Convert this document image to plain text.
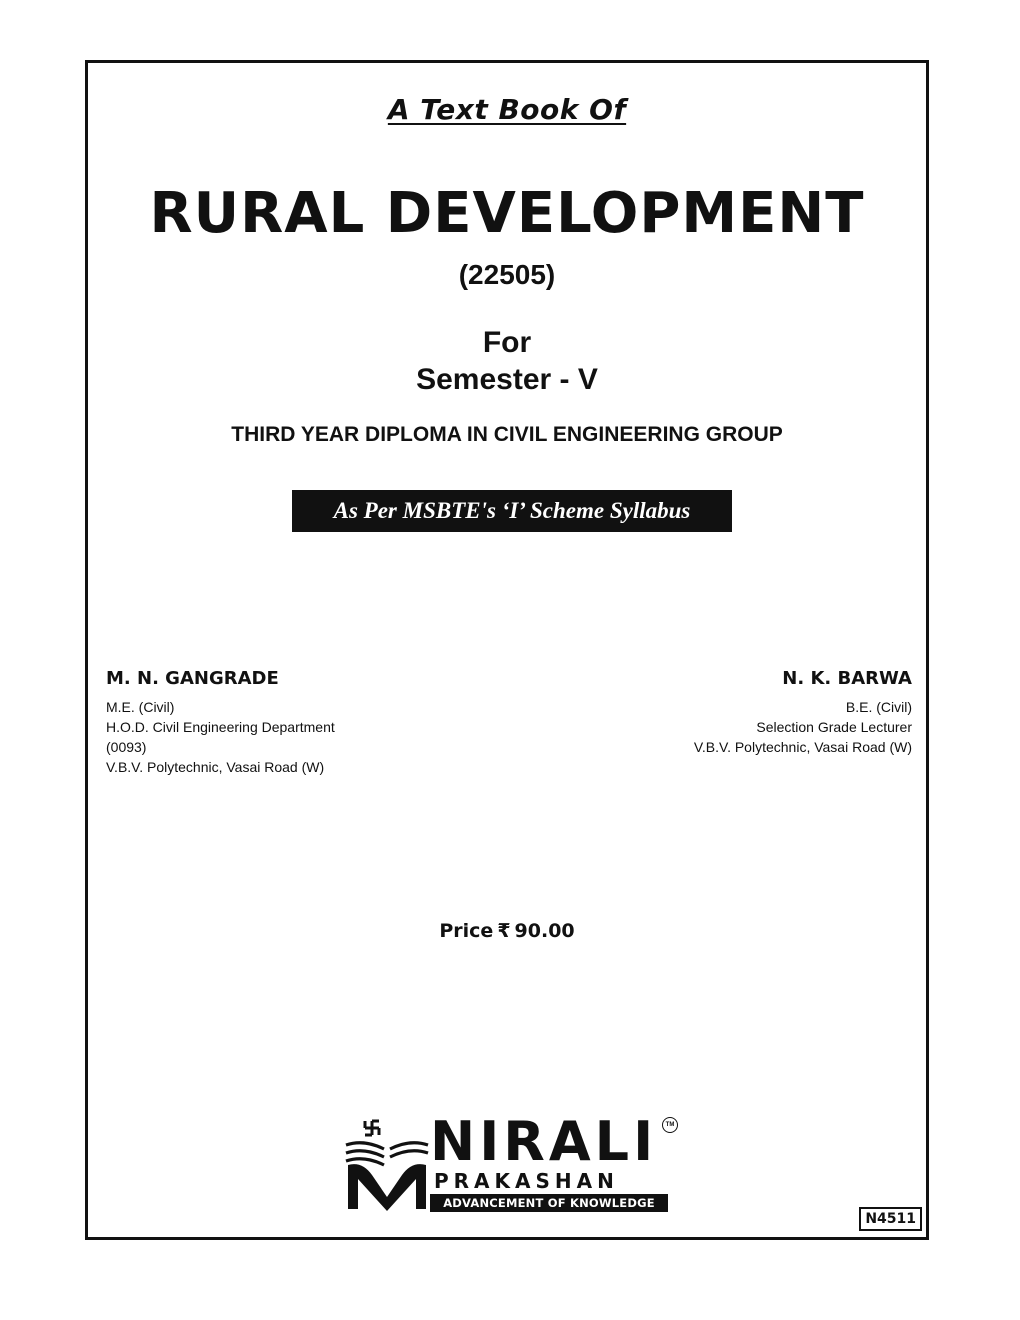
A Text Book Of
RURAL DEVELOPMENT
(22505)
For
Semester - V
THIRD YEAR DIPLOMA IN CIVIL ENGINEERING GROUP
As Per MSBTE's ‘I’ Scheme Syllabus
M. N. GANGRADE
M.E. (Civil)
H.O.D. Civil Engineering Department
(0093)
V.B.V. Polytechnic, Vasai Road (W)
N. K. BARWA
B.E. (Civil)
Selection Grade Lecturer
V.B.V. Polytechnic, Vasai Road (W)
Price ₹ 90.00
NIRALI	TM
PRAKASHAN
ADVANCEMENT OF KNOWLEDGE
N4511
